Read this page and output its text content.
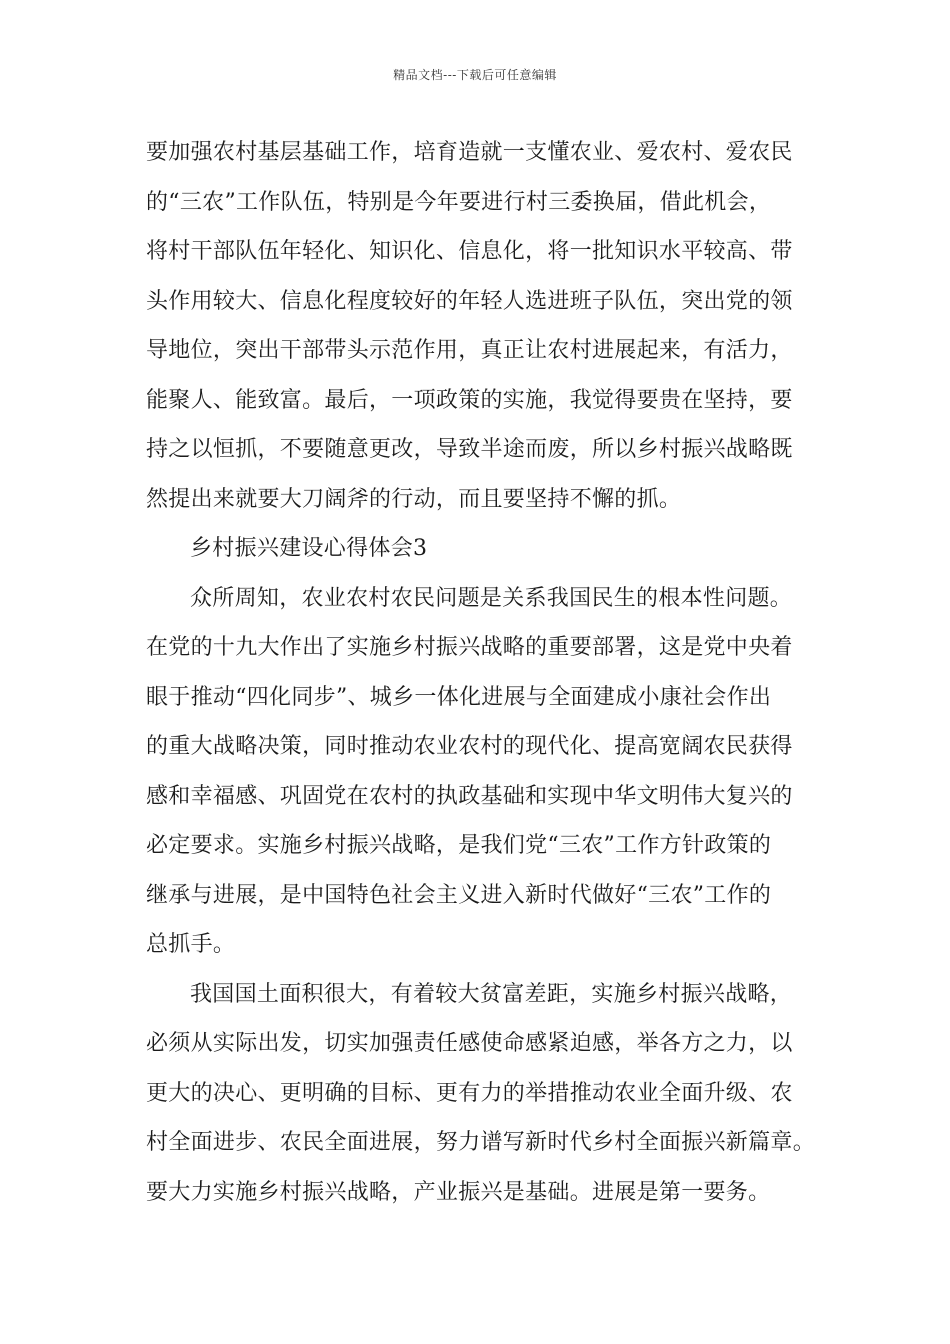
精品文档---下载后可任意编辑
要加强农村基层基础工作，培育造就一支懂农业、爱农村、爱农民
的“三农”工作队伍，特别是今年要进行村三委换届，借此机会，
将村干部队伍年轻化、知识化、信息化，将一批知识水平较高、带
头作用较大、信息化程度较好的年轻人选进班子队伍，突出党的领
导地位，突出干部带头示范作用，真正让农村进展起来，有活力，
能聚人、能致富。最后，一项政策的实施，我觉得要贵在坚持，要
持之以恒抓，不要随意更改，导致半途而废，所以乡村振兴战略既
然提出来就要大刀阔斧的行动，而且要坚持不懈的抓。
乡村振兴建设心得体会3
众所周知，农业农村农民问题是关系我国民生的根本性问题。
在党的十九大作出了实施乡村振兴战略的重要部署，这是党中央着
眼于推动“四化同步”、城乡一体化进展与全面建成小康社会作出
的重大战略决策，同时推动农业农村的现代化、提高宽阔农民获得
感和幸福感、巩固党在农村的执政基础和实现中华文明伟大复兴的
必定要求。实施乡村振兴战略，是我们党“三农”工作方针政策的
继承与进展，是中国特色社会主义进入新时代做好“三农”工作的
总抓手。
我国国土面积很大，有着较大贫富差距，实施乡村振兴战略，
必须从实际出发，切实加强责任感使命感紧迫感，举各方之力，以
更大的决心、更明确的目标、更有力的举措推动农业全面升级、农
村全面进步、农民全面进展，努力谱写新时代乡村全面振兴新篇章。
要大力实施乡村振兴战略，产业振兴是基础。进展是第一要务。
